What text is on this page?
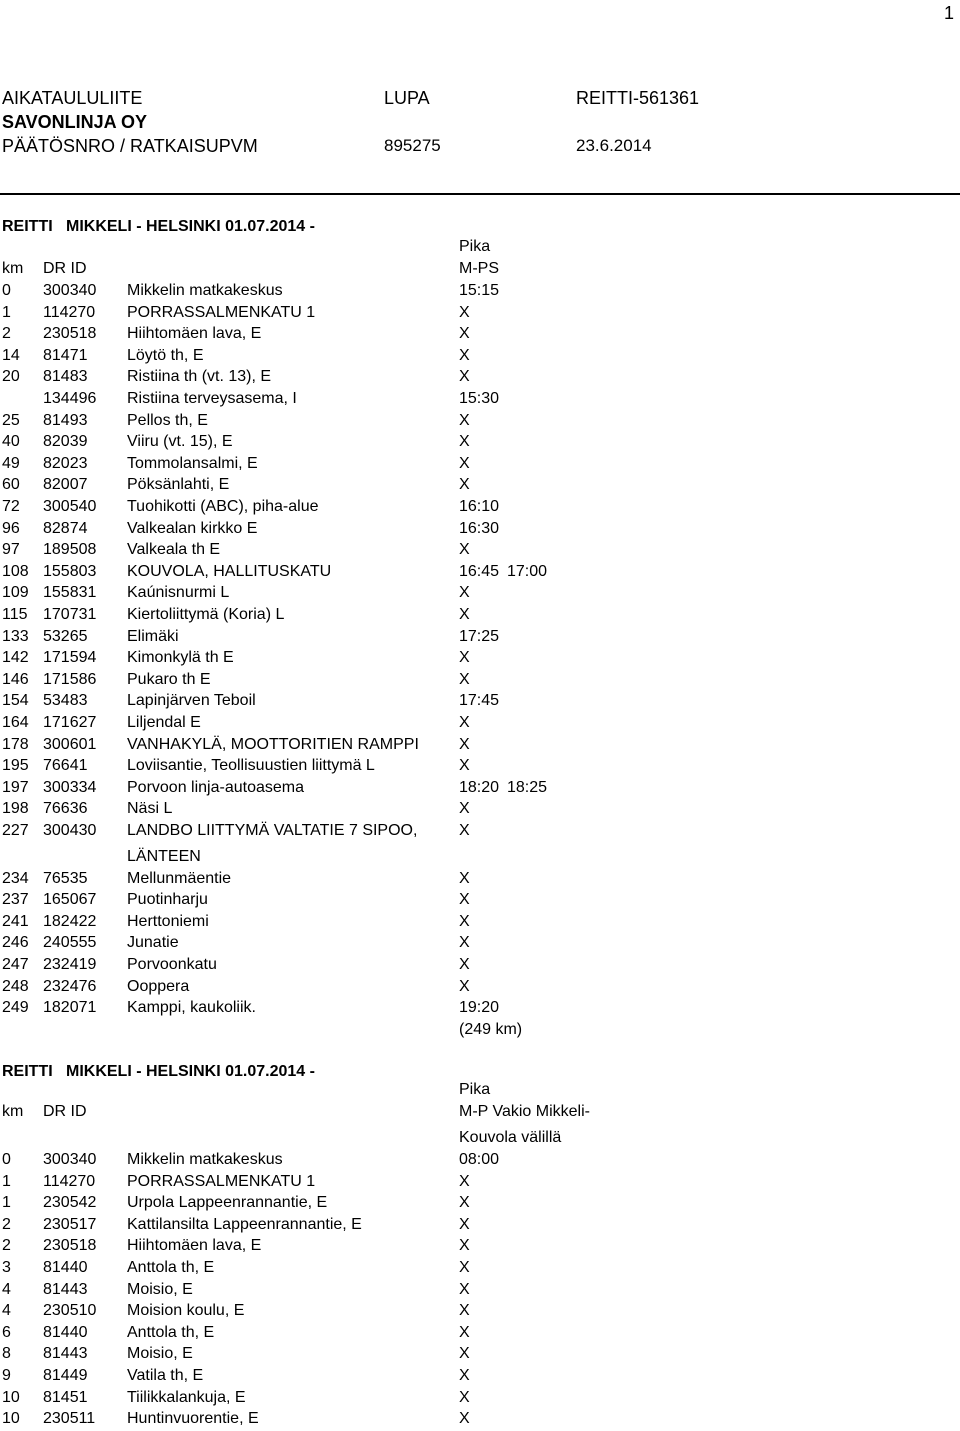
1
AIKATAULULIITE
SAVONLINJA OY
PÄÄTÖSNRO / RATKAISUPVM
LUPA
895275
REITTI-561361
23.6.2014
REITTI   MIKKELI - HELSINKI 01.07.2014 -
Pika
km DR ID	M-PS
0 300340 Mikkelin matkakeskus	15:15
1 114270 PORRASSALMENKATU 1	X
2 230518 Hiihtomäen lava, E	X
14 81471 Löytö th, E	X
20 81483 Ristiina th (vt. 13), E	X
134496 Ristiina terveysasema, I	15:30
25 81493 Pellos th, E	X
40 82039 Viiru (vt. 15), E	X
49 82023 Tommolansalmi, E	X
60 82007 Pöksänlahti, E	X
72 300540 Tuohikotti (ABC), piha-alue	16:10
96 82874 Valkealan kirkko E	16:30
97 189508 Valkeala th E	X
108 155803 KOUVOLA, HALLITUSKATU	16:45 17:00
109 155831 Kaúnisnurmi L	X
115 170731 Kiertoliittymä (Koria) L	X
133 53265 Elimäki	17:25
142 171594 Kimonkylä th E	X
146 171586 Pukaro th E	X
154 53483 Lapinjärven Teboil	17:45
164 171627 Liljendal E	X
178 300601 VANHAKYLÄ, MOOTTORITIEN RAMPPI	X
195 76641 Loviisantie, Teollisuustien liittymä L	X
197 300334 Porvoon linja-autoasema	18:20 18:25
198 76636 Näsi L	X
227 300430 LANDBO LIITTYMÄ VALTATIE 7 SIPOO,	X
LÄNTEEN
234 76535 Mellunmäentie	X
237 165067 Puotinharju	X
241 182422 Herttoniemi	X
246 240555 Junatie	X
247 232419 Porvoonkatu	X
248 232476 Ooppera	X
249 182071 Kamppi, kaukoliik.	19:20
(249 km)
REITTI   MIKKELI - HELSINKI 01.07.2014 -
Pika
km DR ID	M-P Vakio Mikkeli-
Kouvola välillä
0 300340 Mikkelin matkakeskus	08:00
1 114270 PORRASSALMENKATU 1	X
1 230542 Urpola Lappeenrannantie, E	X
2 230517 Kattilansilta Lappeenrannantie, E	X
2 230518 Hiihtomäen lava, E	X
3 81440 Anttola th, E	X
4 81443 Moisio, E	X
4 230510 Moision koulu, E	X
6 81440 Anttola th, E	X
8 81443 Moisio, E	X
9 81449 Vatila th, E	X
10 81451 Tiilikkalankuja, E	X
10 230511 Huntinvuorentie, E	X
